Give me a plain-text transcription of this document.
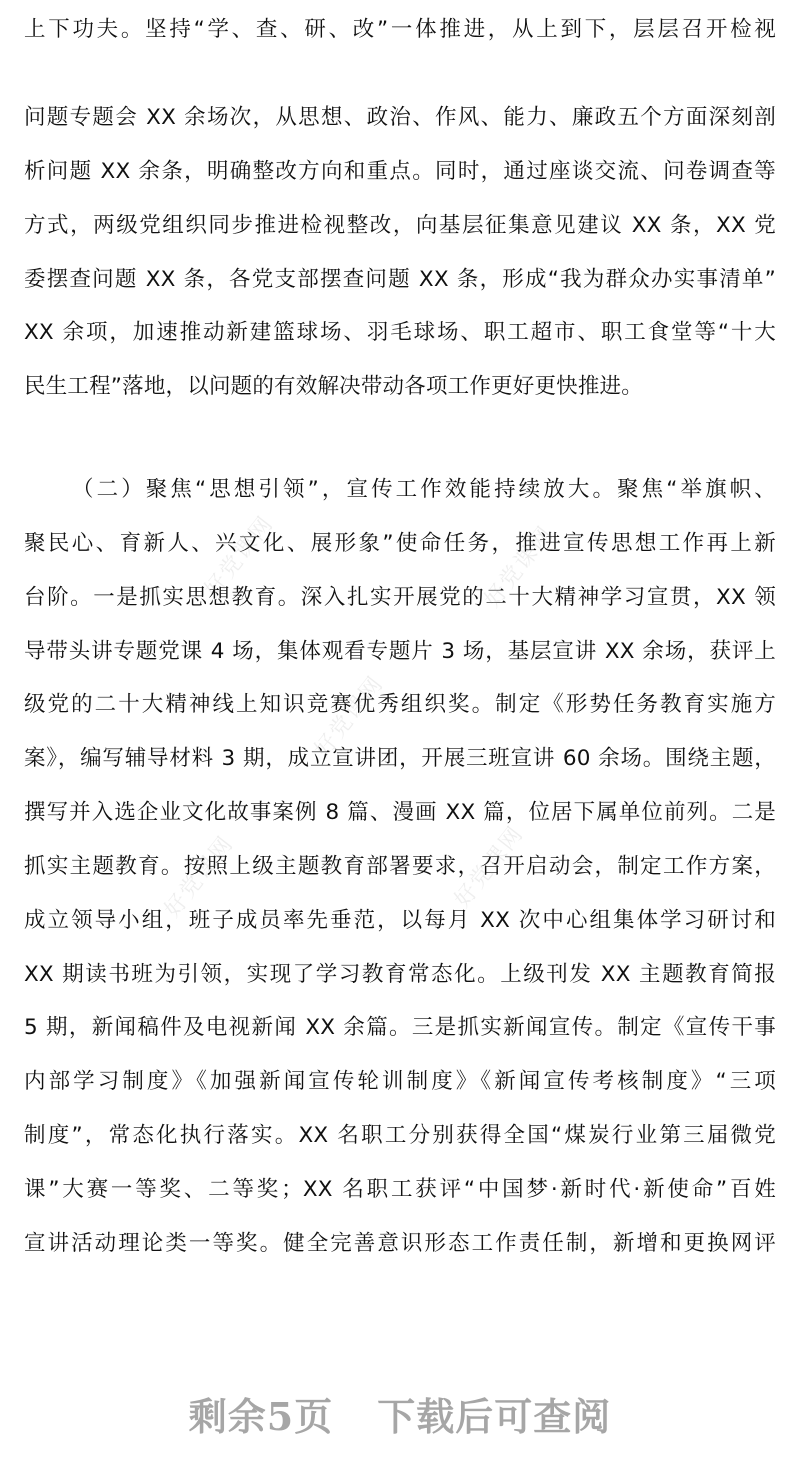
上下功夫。坚持“学、查、研、改”一体推进，从上到下，层层召开检视
问题专题会 XX 余场次，从思想、政治、作风、能力、廉政五个方面深刻剖
析问题 XX 余条，明确整改方向和重点。同时，通过座谈交流、问卷调查等
方式，两级党组织同步推进检视整改，向基层征集意见建议 XX 条，XX 党
委摆查问题 XX 条，各党支部摆查问题 XX 条，形成“我为群众办实事清单”
XX 余项，加速推动新建篮球场、羽毛球场、职工超市、职工食堂等“十大
民生工程”落地，以问题的有效解决带动各项工作更好更快推进。
（二）聚焦“思想引领”，宣传工作效能持续放大。聚焦“举旗帜、
聚民心、育新人、兴文化、展形象”使命任务，推进宣传思想工作再上新
台阶。一是抓实思想教育。深入扎实开展党的二十大精神学习宣贯，XX 领
导带头讲专题党课 4 场，集体观看专题片 3 场，基层宣讲 XX 余场，获评上
级党的二十大精神线上知识竞赛优秀组织奖。制定《形势任务教育实施方
案》，编写辅导材料 3 期，成立宣讲团，开展三班宣讲 60 余场。围绕主题，
撰写并入选企业文化故事案例 8 篇、漫画 XX 篇，位居下属单位前列。二是
抓实主题教育。按照上级主题教育部署要求，召开启动会，制定工作方案，
成立领导小组，班子成员率先垂范，以每月 XX 次中心组集体学习研讨和
XX 期读书班为引领，实现了学习教育常态化。上级刊发 XX 主题教育简报
5 期，新闻稿件及电视新闻 XX 余篇。三是抓实新闻宣传。制定《宣传干事
内部学习制度》《加强新闻宣传轮训制度》《新闻宣传考核制度》“三项
制度”，常态化执行落实。XX 名职工分别获得全国“煤炭行业第三届微党
课”大赛一等奖、二等奖；XX 名职工获评“中国梦·新时代·新使命”百姓
宣讲活动理论类一等奖。健全完善意识形态工作责任制，新增和更换网评
好党课网	好党课网
好党课网
好党课网	好党课网
剩余5页 下载后可查阅
